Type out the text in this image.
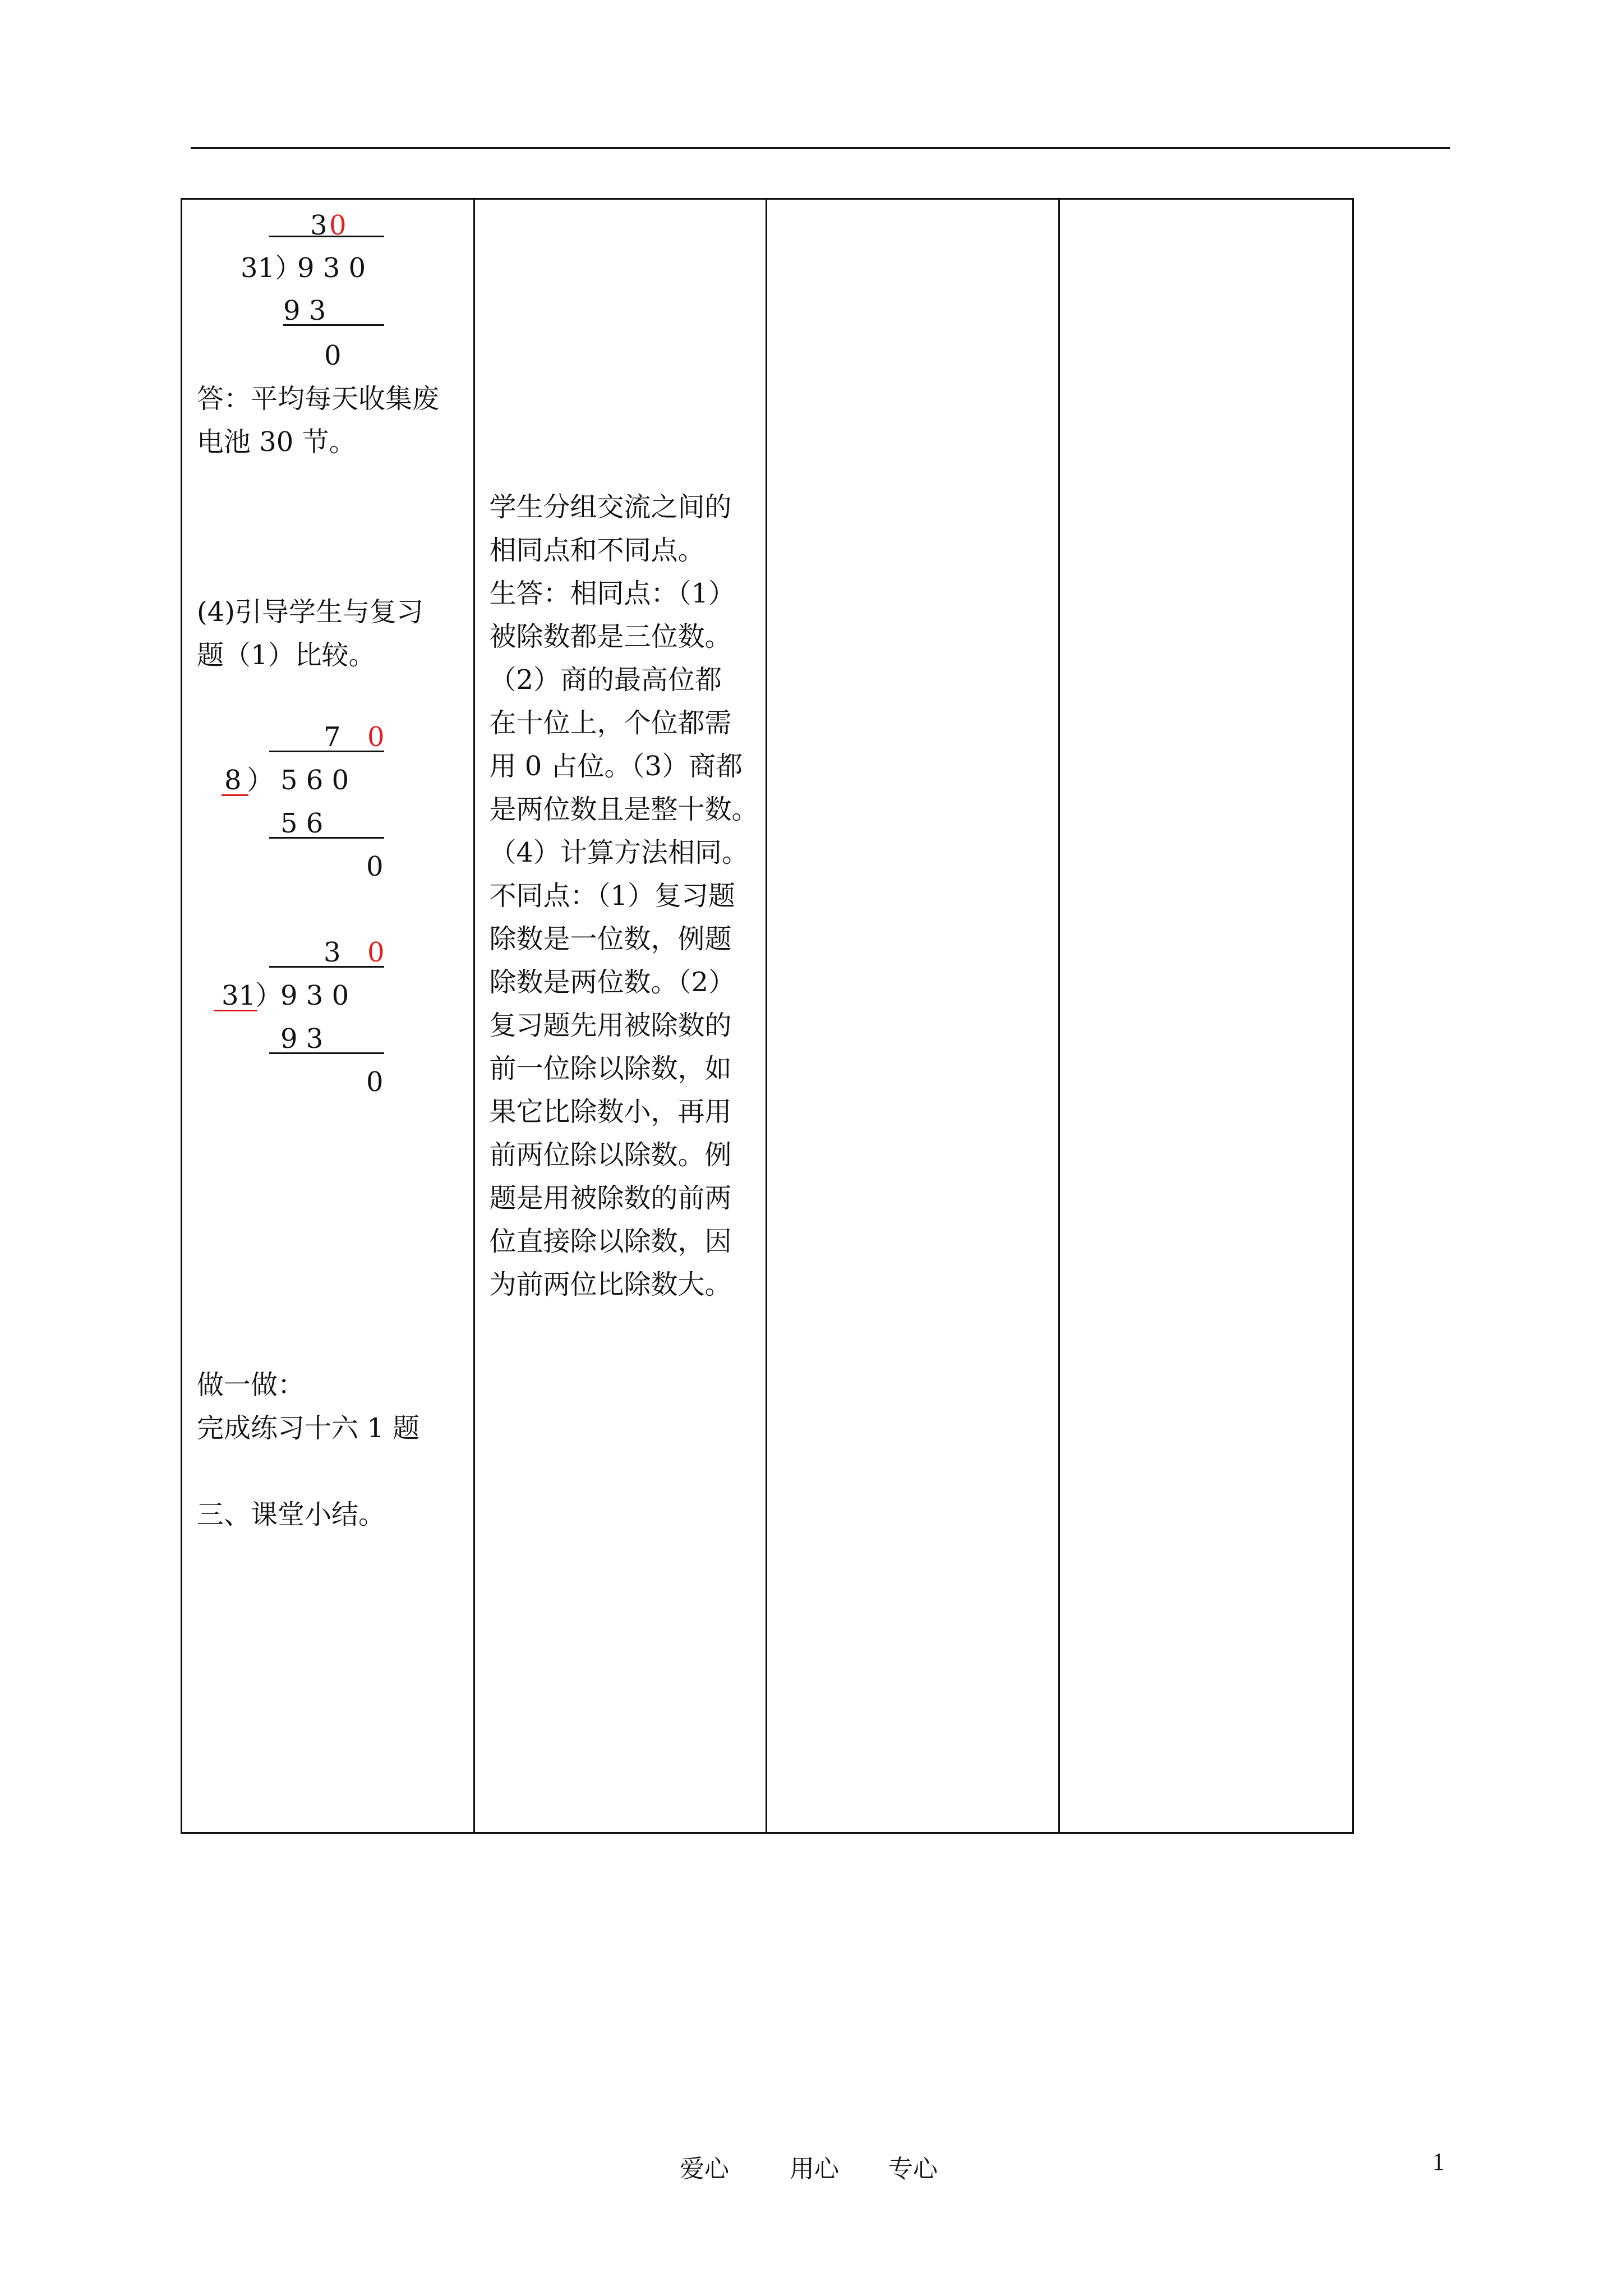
3 0
31）
9 3 0
9 3
0
答：平均每天收集废
电池 30 节。
(4)引导学生与复习
题（1）比较。
7 0
8 ） 5 6 0
5 6
0
3 0
31
）
9 3 0
9 3
0
做一做：
完成练习十六 1 题
三、课堂小结。
学生分组交流之间的
相同点和不同点。
生答：相同点：（1）
被除数都是三位数。
（2）商的最高位都
在十位上，个位都需
用 0 占位。（3）商都
是两位数且是整十数。
（4）计算方法相同。
不同点：（1）复习题
除数是一位数，例题
除数是两位数。（2）
复习题先用被除数的
前一位除以除数，如
果它比除数小，再用
前两位除以除数。例
题是用被除数的前两
位直接除以除数，因
为前两位比除数大。
爱心 用心 专心	1
